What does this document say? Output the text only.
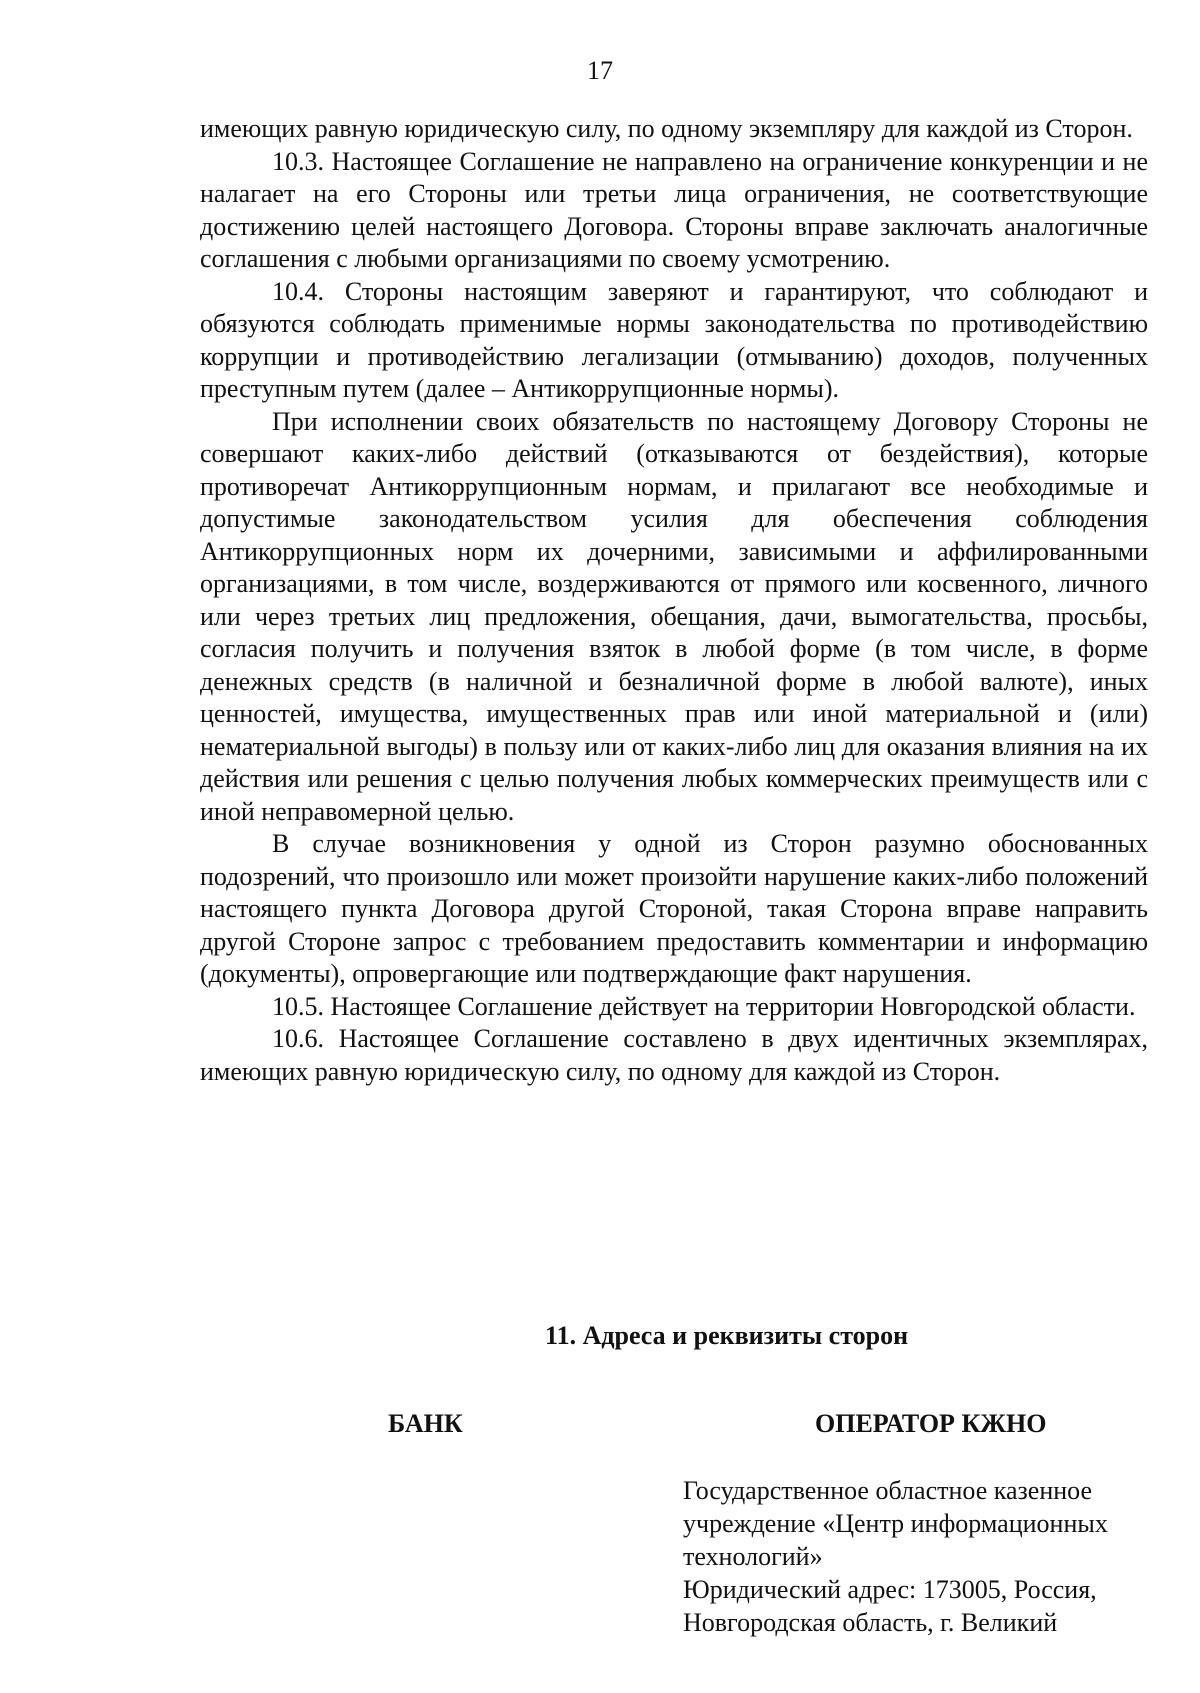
17

имеющих равную юридическую силу, по одному экземпляру для каждой из Сторон.

10.3. Настоящее Соглашение не направлено на ограничение конкуренции и не налагает на его Стороны или третьи лица ограничения, не соответствующие достижению целей настоящего Договора. Стороны вправе заключать аналогичные соглашения с любыми организациями по своему усмотрению.

10.4. Стороны настоящим заверяют и гарантируют, что соблюдают и обязуются соблюдать применимые нормы законодательства по противодействию коррупции и противодействию легализации (отмыванию) доходов, полученных преступным путем (далее – Антикоррупционные нормы).

При исполнении своих обязательств по настоящему Договору Стороны не совершают каких-либо действий (отказываются от бездействия), которые противоречат Антикоррупционным нормам, и прилагают все необходимые и допустимые законодательством усилия для обеспечения соблюдения Антикоррупционных норм их дочерними, зависимыми и аффилированными организациями, в том числе, воздерживаются от прямого или косвенного, личного или через третьих лиц предложения, обещания, дачи, вымогательства, просьбы, согласия получить и получения взяток в любой форме (в том числе, в форме денежных средств (в наличной и безналичной форме в любой валюте), иных ценностей, имущества, имущественных прав или иной материальной и (или) нематериальной выгоды) в пользу или от каких-либо лиц для оказания влияния на их действия или решения с целью получения любых коммерческих преимуществ или с иной неправомерной целью.

В случае возникновения у одной из Сторон разумно обоснованных подозрений, что произошло или может произойти нарушение каких-либо положений настоящего пункта Договора другой Стороной, такая Сторона вправе направить другой Стороне запрос с требованием предоставить комментарии и информацию (документы), опровергающие или подтверждающие факт нарушения.

10.5. Настоящее Соглашение действует на территории Новгородской области.

10.6. Настоящее Соглашение составлено в двух идентичных экземплярах, имеющих равную юридическую силу, по одному для каждой из Сторон.

11. Адреса и реквизиты сторон
БАНК	ОПЕРАТОР КЖНО
Государственное областное казенное
учреждение «Центр информационных
технологий»
Юридический адрес: 173005, Россия,
Новгородская область, г. Великий
